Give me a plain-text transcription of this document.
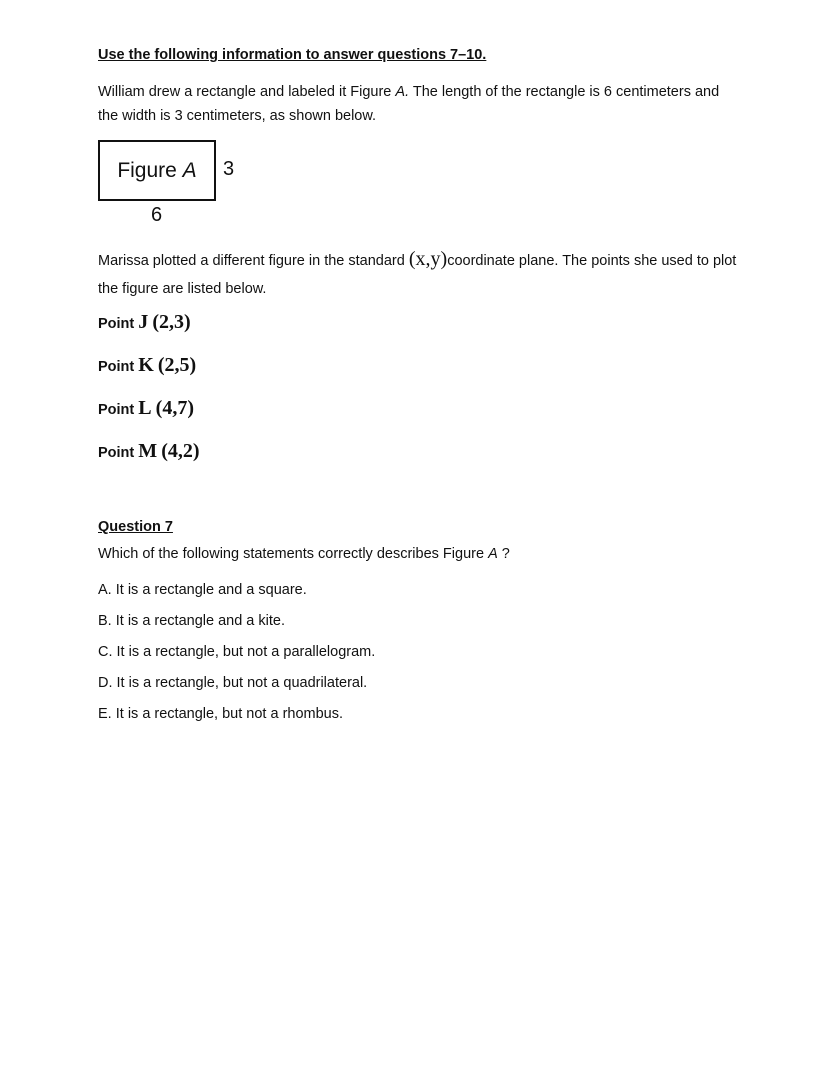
Use the following information to answer questions 7–10.
William drew a rectangle and labeled it Figure A. The length of the rectangle is 6 centimeters and the width is 3 centimeters, as shown below.
Figure A 3
6
Marissa plotted a different figure in the standard (x,y)coordinate plane. The points she used to plot the figure are listed below.
Point J (2,3)
Point K (2,5)
Point L (4,7)
Point M (4,2)
Question 7
Which of the following statements correctly describes Figure A ?
A. It is a rectangle and a square.
B. It is a rectangle and a kite.
C. It is a rectangle, but not a parallelogram.
D. It is a rectangle, but not a quadrilateral.
E. It is a rectangle, but not a rhombus.
